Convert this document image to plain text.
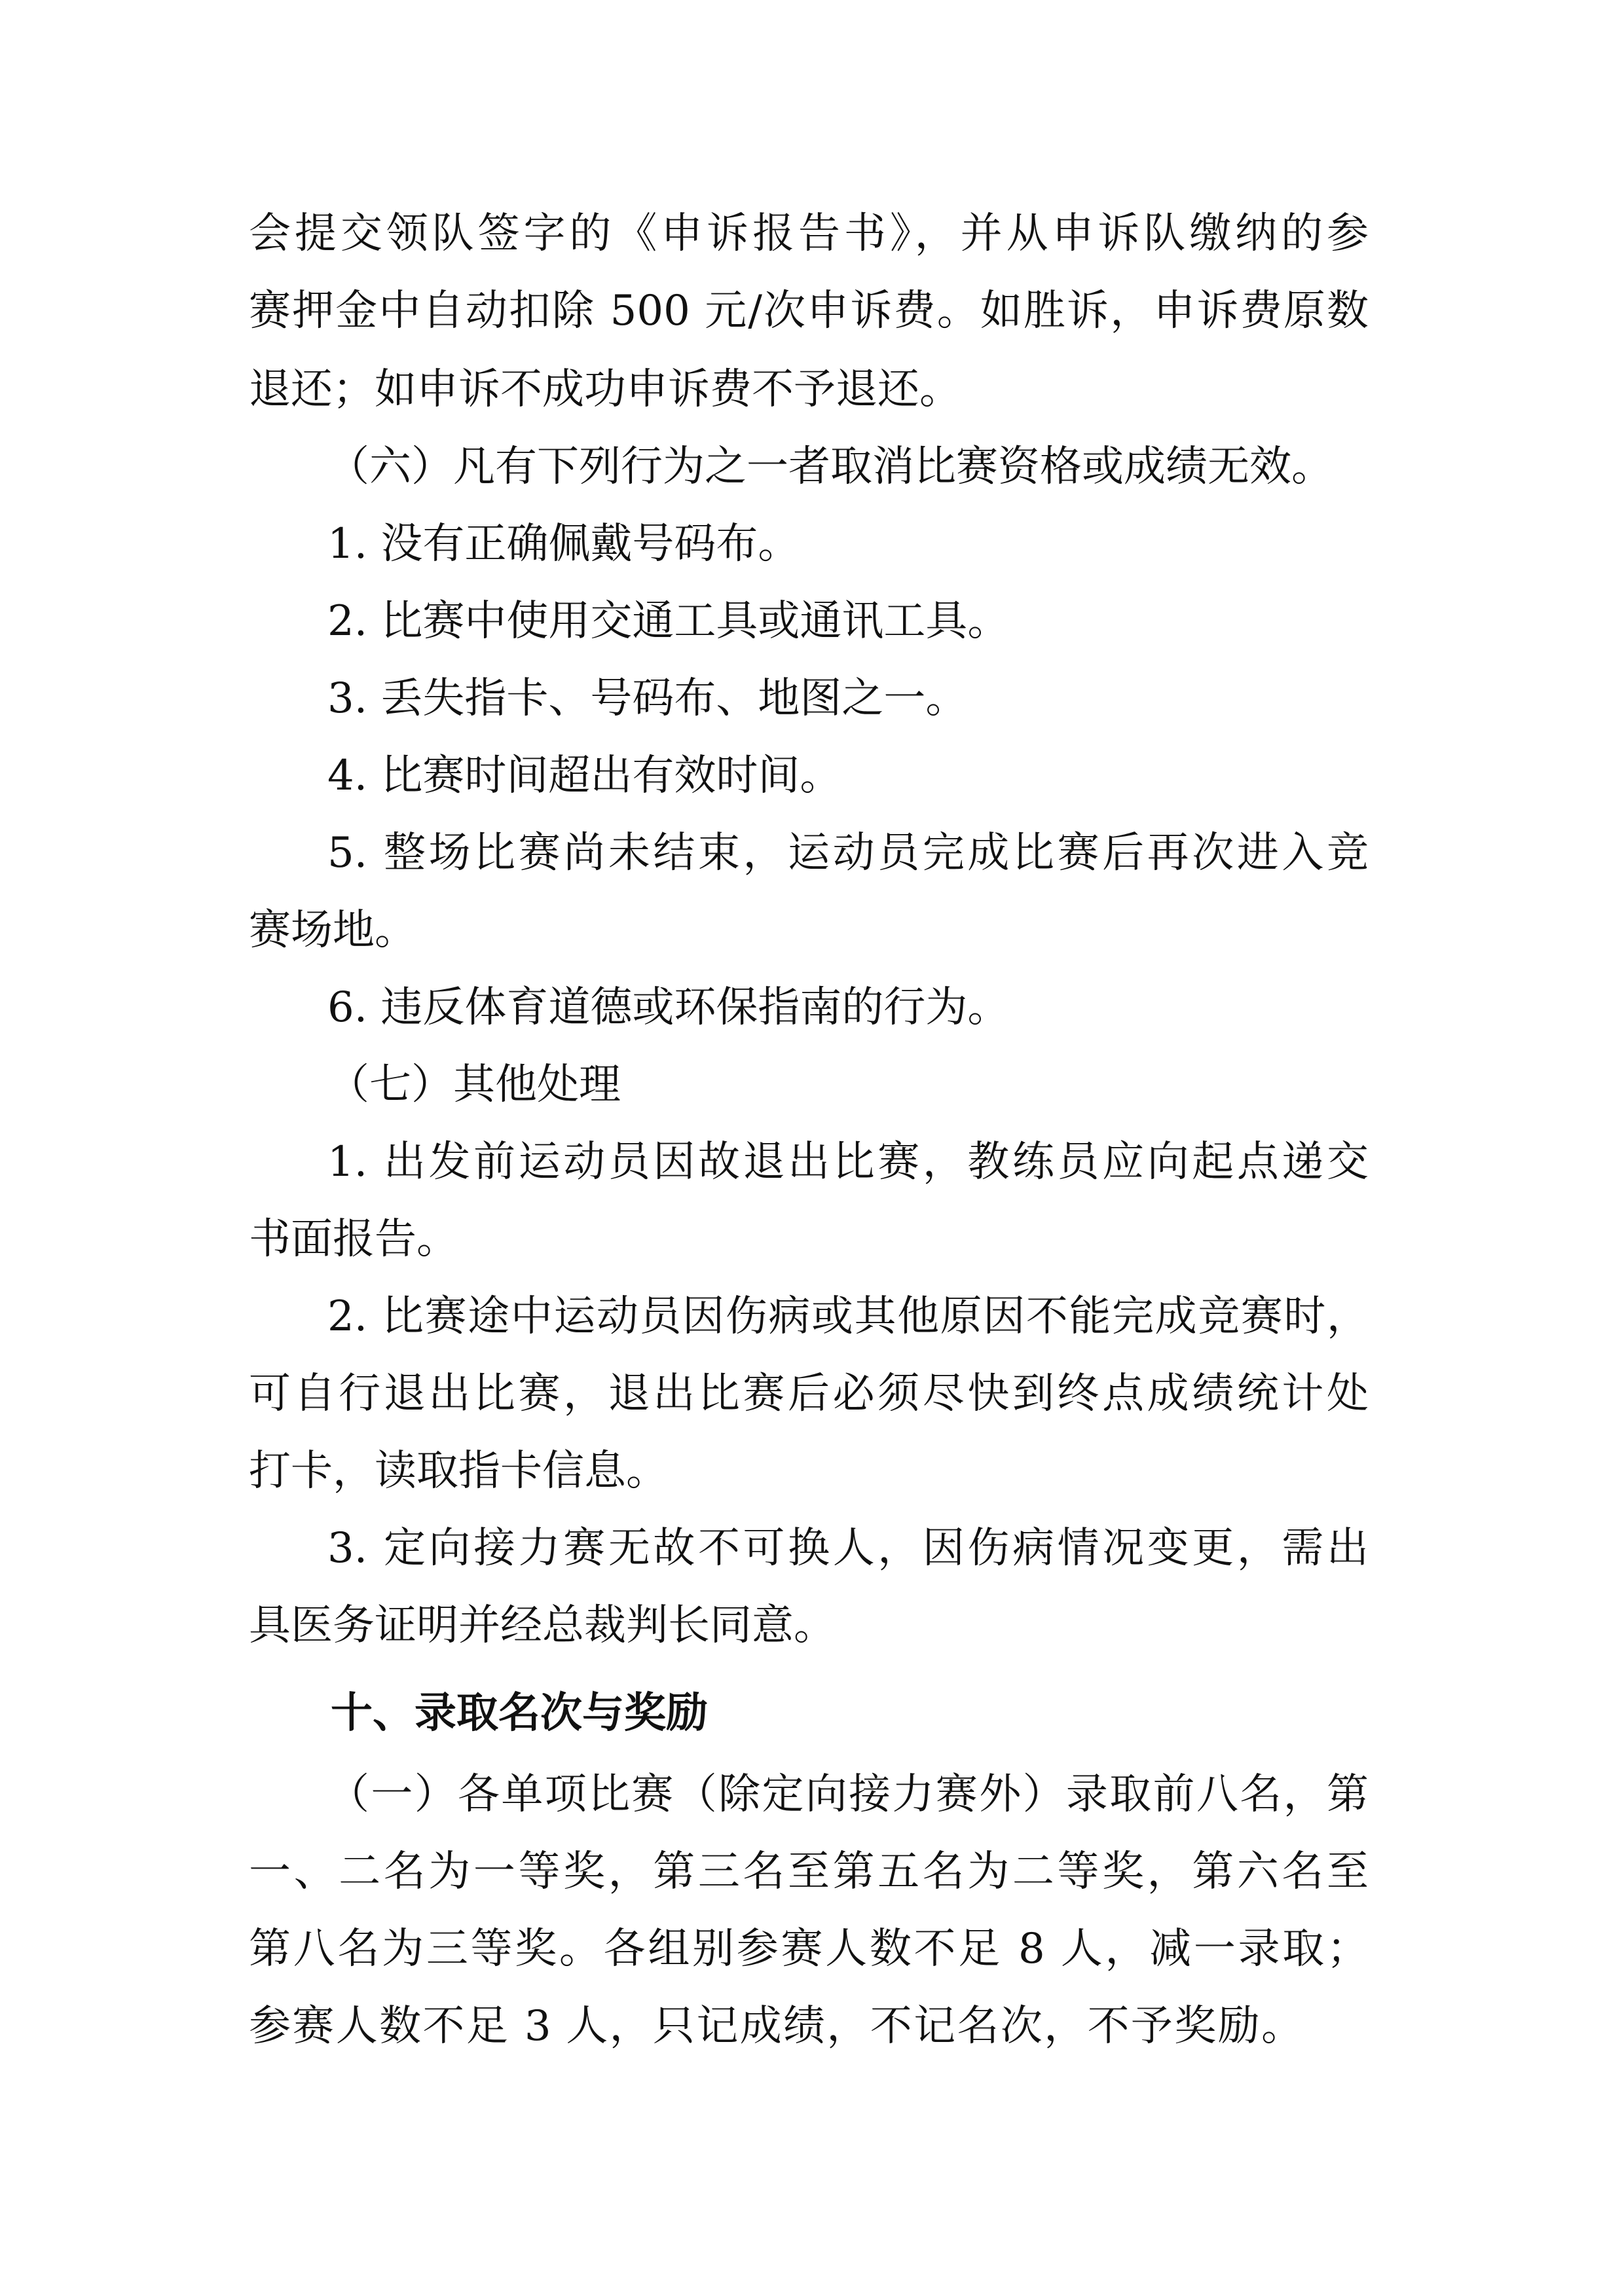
会提交领队签字的《申诉报告书》，并从申诉队缴纳的参
赛押金中自动扣除 500 元/次申诉费。如胜诉，申诉费原数
退还；如申诉不成功申诉费不予退还。
（六）凡有下列行为之一者取消比赛资格或成绩无效。
1. 没有正确佩戴号码布。
2. 比赛中使用交通工具或通讯工具。
3. 丢失指卡、号码布、地图之一。
4. 比赛时间超出有效时间。
5. 整场比赛尚未结束，运动员完成比赛后再次进入竞
赛场地。
6. 违反体育道德或环保指南的行为。
（七）其他处理
1. 出发前运动员因故退出比赛，教练员应向起点递交
书面报告。
2. 比赛途中运动员因伤病或其他原因不能完成竞赛时，
可自行退出比赛，退出比赛后必须尽快到终点成绩统计处
打卡，读取指卡信息。
3. 定向接力赛无故不可换人，因伤病情况变更，需出
具医务证明并经总裁判长同意。
十、录取名次与奖励
（一）各单项比赛（除定向接力赛外）录取前八名，第
一、二名为一等奖，第三名至第五名为二等奖，第六名至
第八名为三等奖。各组别参赛人数不足 8 人，减一录取；
参赛人数不足 3 人，只记成绩，不记名次，不予奖励。
